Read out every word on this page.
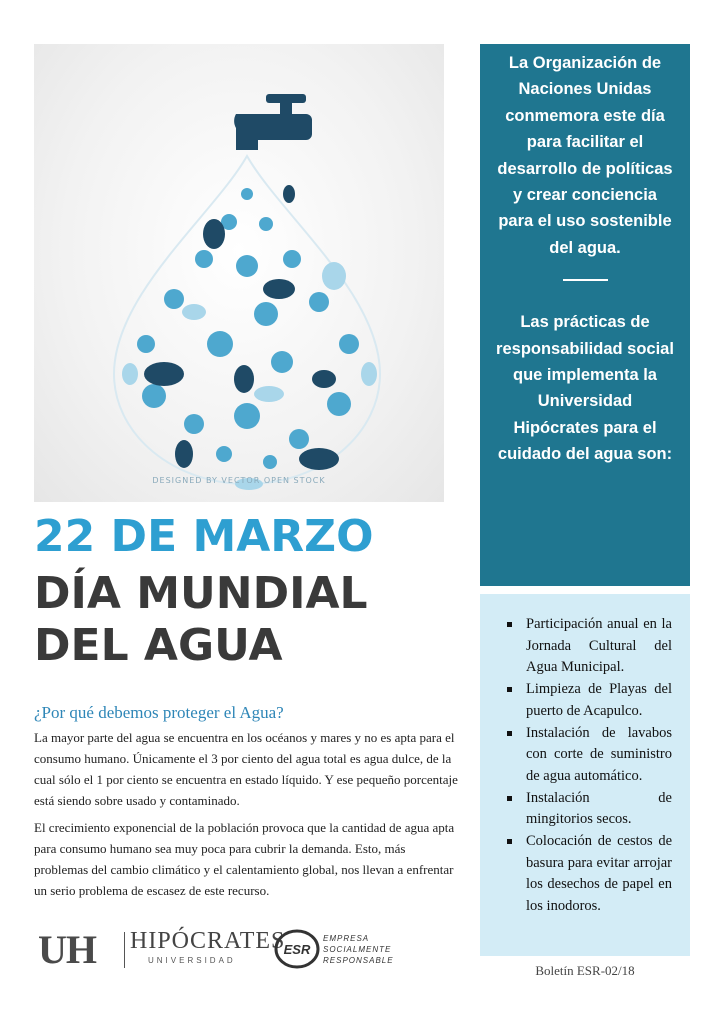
DESIGNED BY VECTOR OPEN STOCK
22 DE MARZO
DÍA MUNDIAL
DEL AGUA
¿Por qué debemos proteger el Agua?

La mayor parte del agua se encuentra en los océanos y mares y no es apta para el consumo humano. Únicamente el 3 por ciento del agua total es agua dulce, de la cual sólo el 1 por ciento se encuentra en estado líquido. Y ese pequeño porcentaje está siendo sobre usado y contaminado.

El crecimiento exponencial de la población provoca que la cantidad de agua apta para consumo humano sea muy poca para cubrir la demanda. Esto, más problemas del cambio climático y el calentamiento global, nos llevan a enfrentar un serio problema de escasez de este recurso.

UH HIPÓCRATES
UNIVERSIDAD
ESR
EMPRESA
SOCIALMENTE
RESPONSABLE

La Organización de Naciones Unidas conmemora este día para facilitar el desarrollo de políticas y crear conciencia para el uso sostenible del agua.

Las prácticas de responsabilidad social que implementa la Universidad Hipócrates para el cuidado del agua son:

Participación anual en la Jornada Cultural del Agua Municipal.
Limpieza de Playas del puerto de Acapulco.
Instalación de lavabos con corte de suministro de agua automático.
Instalación de mingitorios secos.
Colocación de cestos de basura para evitar arrojar los desechos de papel en los inodoros.
Boletín ESR-02/18
